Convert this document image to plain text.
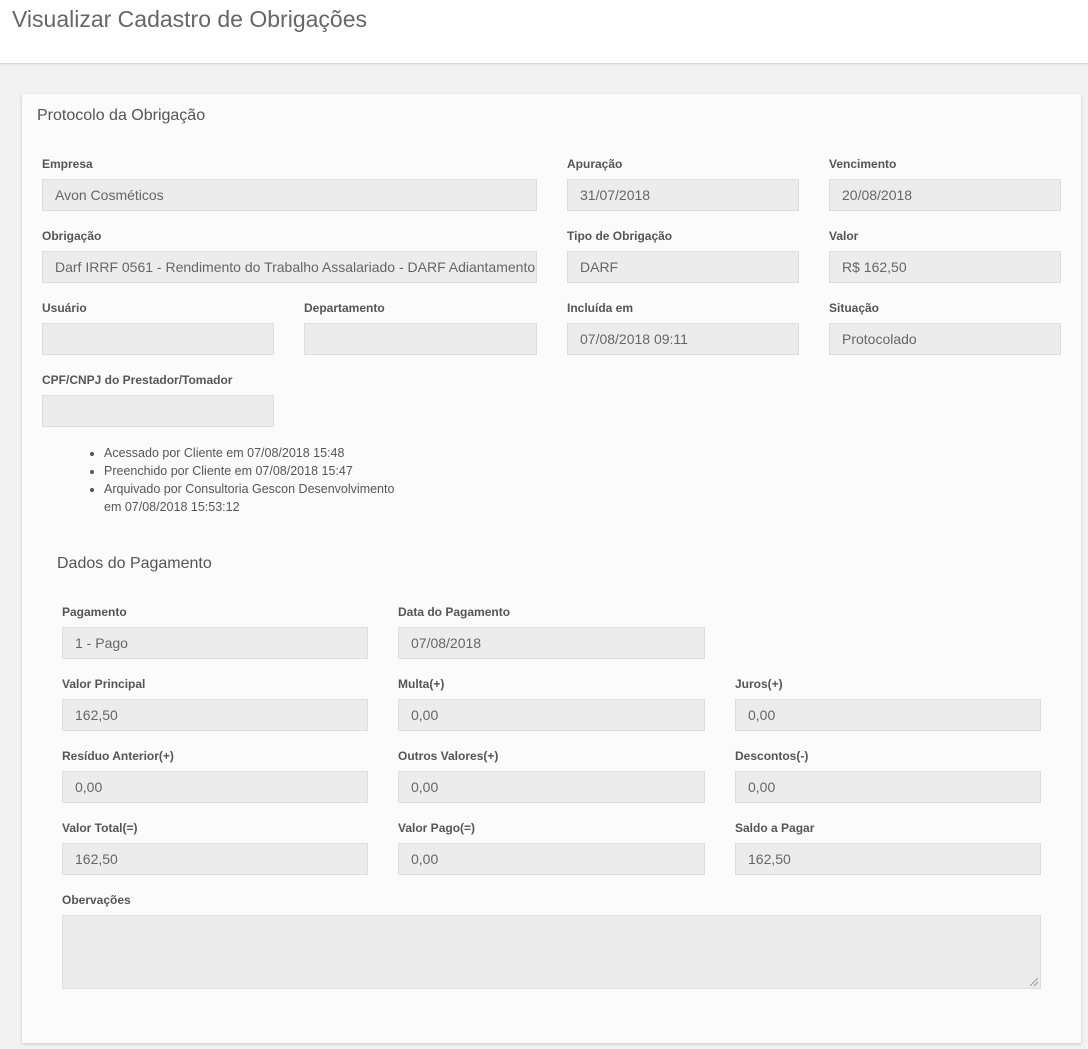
Visualizar Cadastro de Obrigações
Protocolo da Obrigação
Empresa
Avon Cosméticos
Apuração
31/07/2018
Vencimento
20/08/2018
Obrigação
Darf IRRF 0561 - Rendimento do Trabalho Assalariado - DARF Adiantamento
Tipo de Obrigação
DARF
Valor
R$ 162,50
Usuário	Departamento	Incluída em
07/08/2018 09:11
Situação
Protocolado
CPF/CNPJ do Prestador/Tomador
• Acessado por Cliente em 07/08/2018 15:48
• Preenchido por Cliente em 07/08/2018 15:47
• Arquivado por Consultoria Gescon Desenvolvimento em 07/08/2018 15:53:12
Dados do Pagamento
Pagamento
1 - Pago
Data do Pagamento
07/08/2018
Valor Principal
162,50
Multa(+)
0,00
Juros(+)
0,00
Resíduo Anterior(+)
0,00
Outros Valores(+)
0,00
Descontos(-)
0,00
Valor Total(=)
162,50
Valor Pago(=)
0,00
Saldo a Pagar
162,50
Obervações
